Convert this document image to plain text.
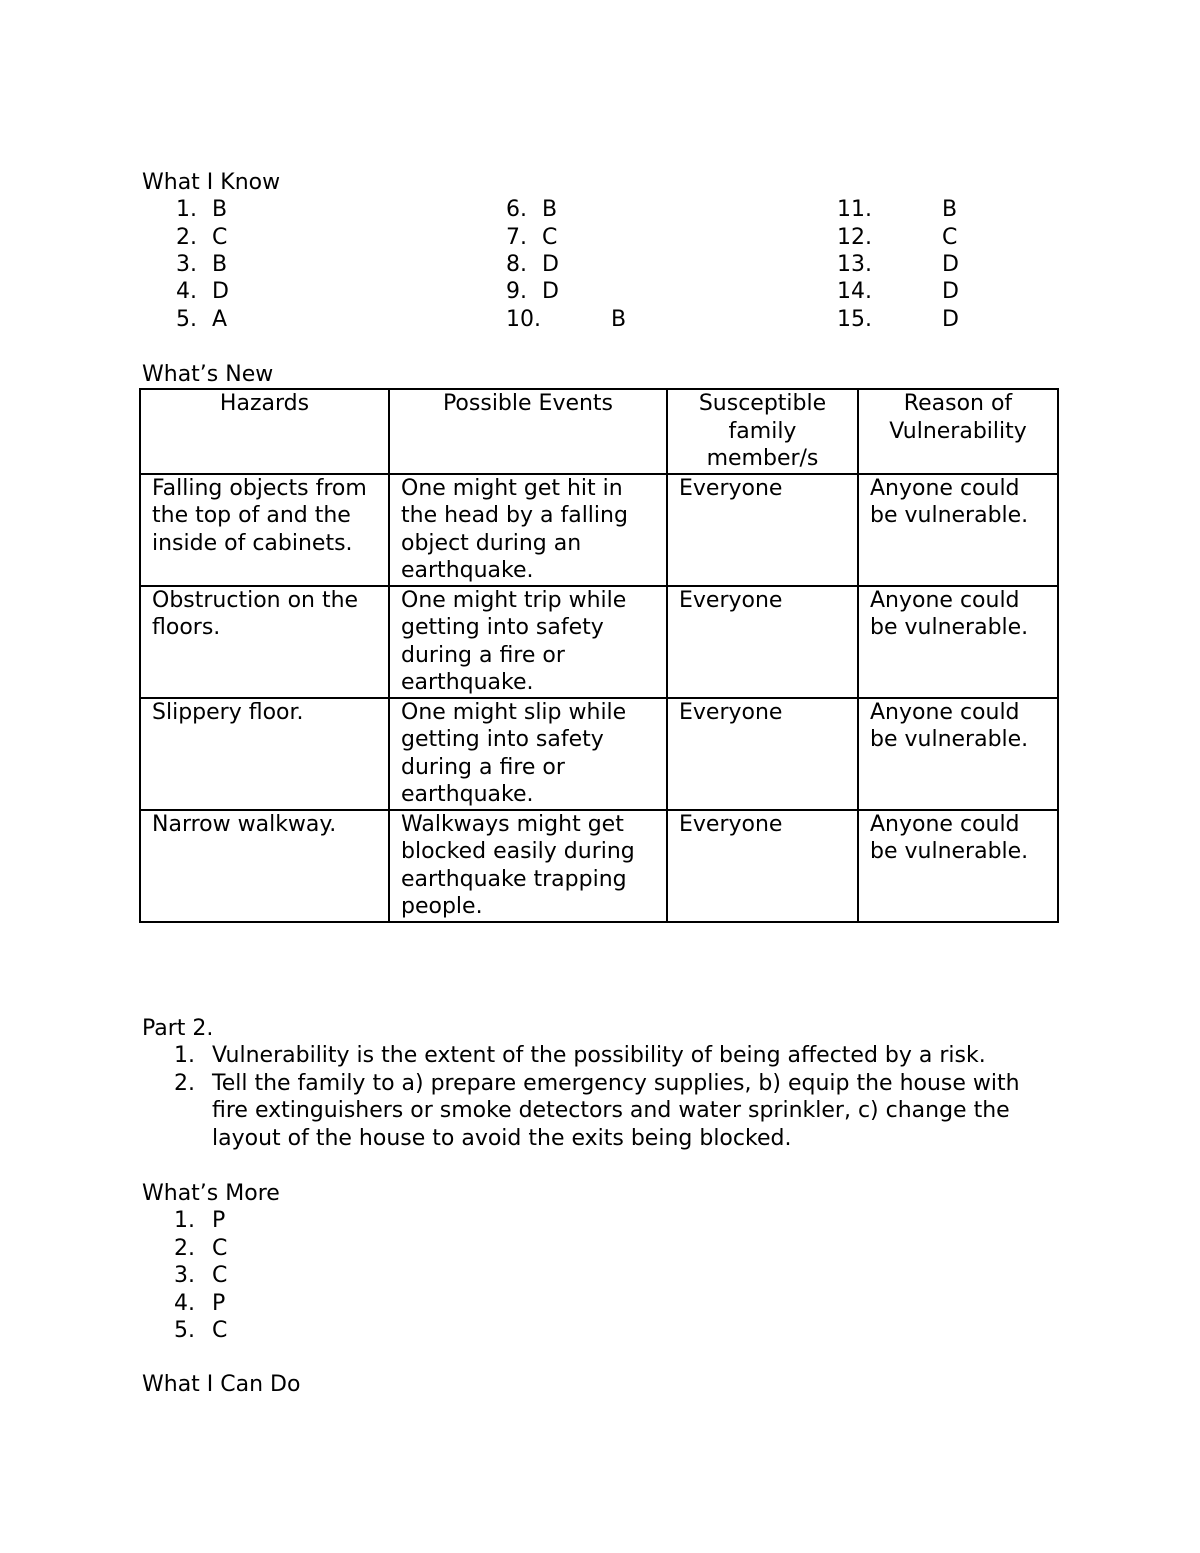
What I Know
1. B
2. C
3. B
4. D
5. A
6. B
7. C
8. D
9. D
10.	B
11.	B
12.	C
13.	D
14.	D
15.	D
What’s New
Hazards	Possible Events	Susceptible family member/s	Reason of Vulnerability
Falling objects from the top of and the inside of cabinets.	One might get hit in the head by a falling object during an earthquake.	Everyone	Anyone could be vulnerable.
Obstruction on the floors.	One might trip while getting into safety during a fire or earthquake.	Everyone	Anyone could be vulnerable.
Slippery floor.	One might slip while getting into safety during a fire or earthquake.	Everyone	Anyone could be vulnerable.
Narrow walkway.	Walkways might get blocked easily during earthquake trapping people.	Everyone	Anyone could be vulnerable.
Part 2.
1. Vulnerability is the extent of the possibility of being affected by a risk.
2. Tell the family to a) prepare emergency supplies, b) equip the house with fire extinguishers or smoke detectors and water sprinkler, c) change the layout of the house to avoid the exits being blocked.
What’s More
1. P
2. C
3. C
4. P
5. C
What I Can Do
